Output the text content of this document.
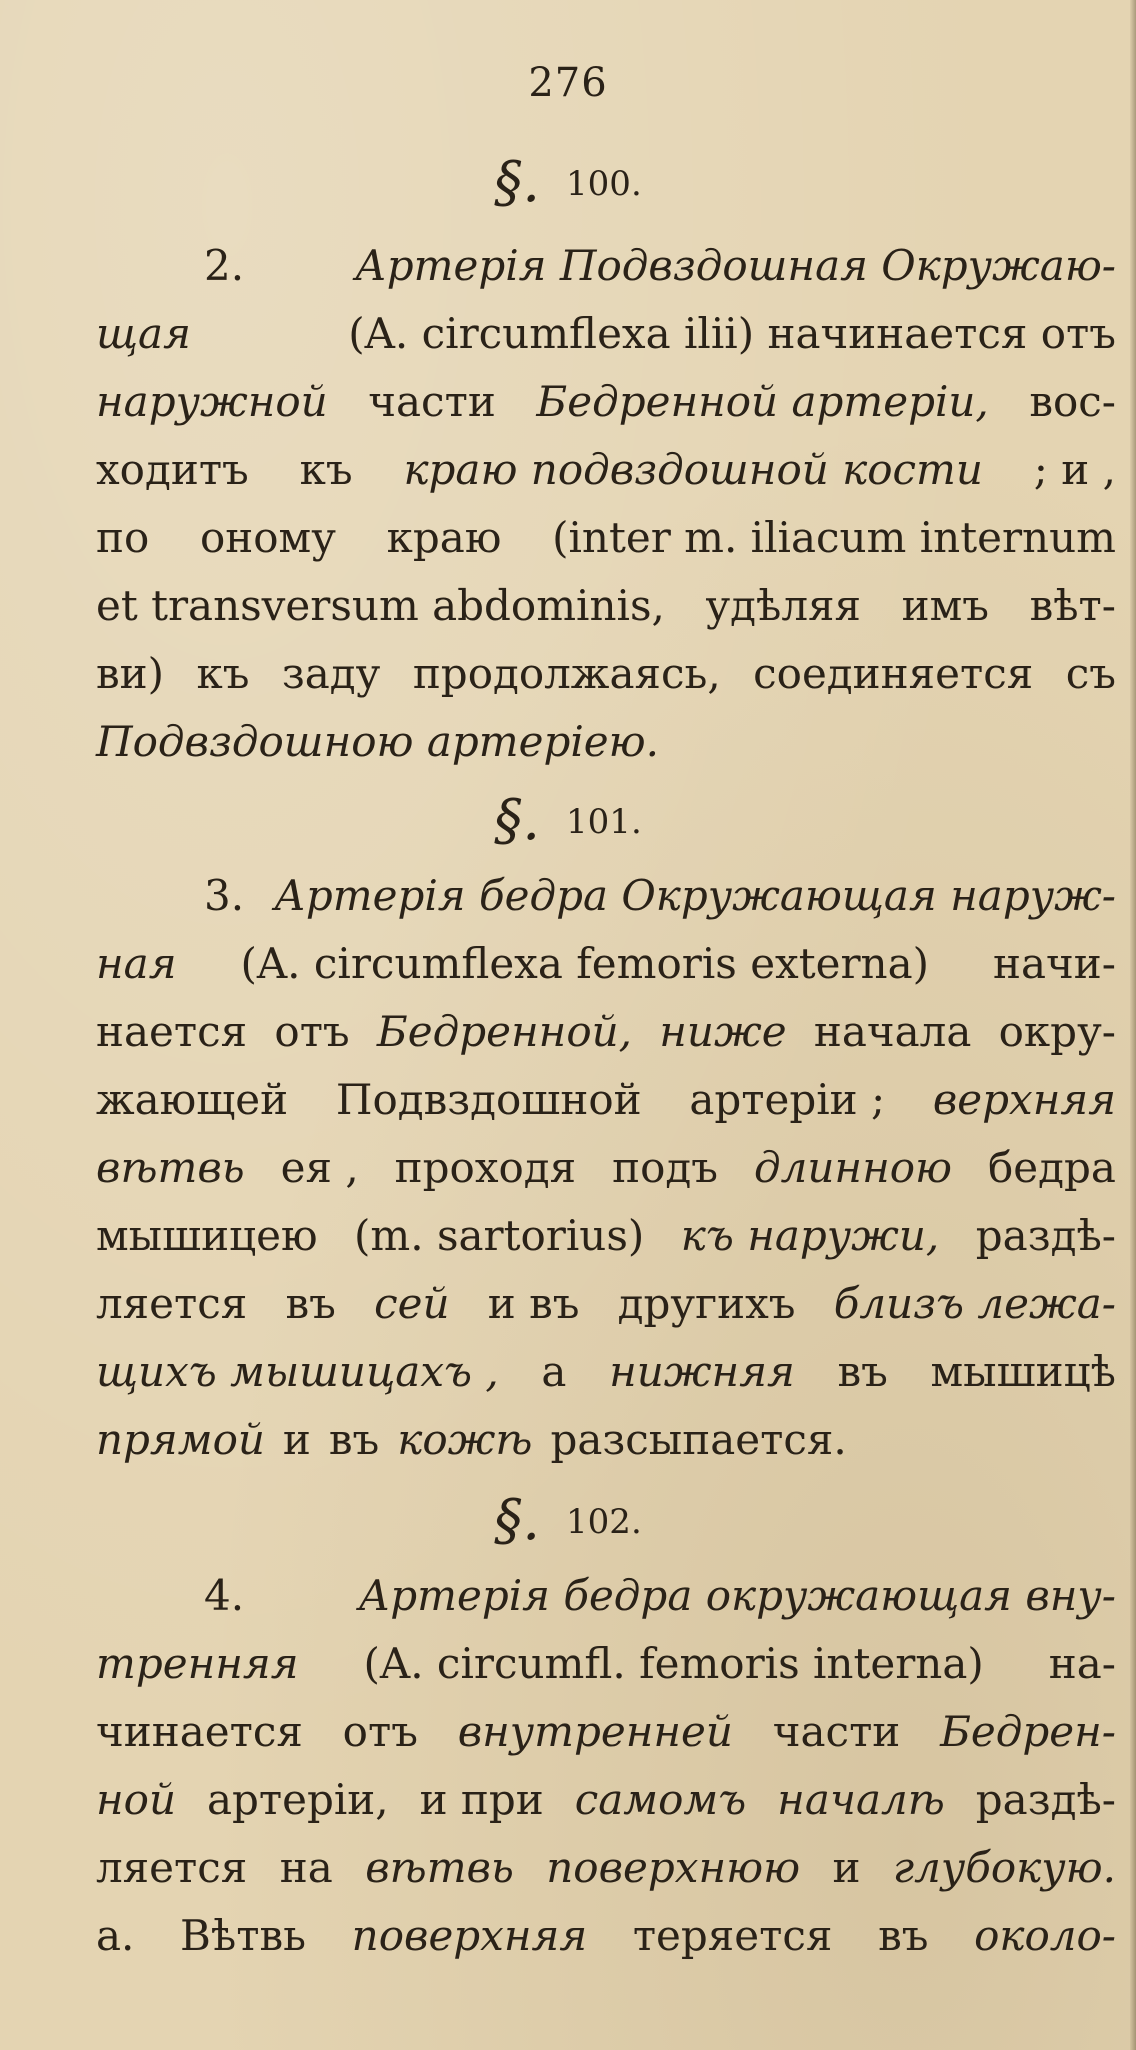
276
§. 100.
2.	Артерія Подвздошная Окружаю-
щая	(A. circumflexa ilii) начинается отъ
наружной части Бедренной артеріи, вос-
ходитъ къ краю подвздошной кости ; и ,
по оному краю (inter m. iliacum internum
et transversum abdominis, удѣляя имъ вѣт-
ви) къ заду продолжаясь, соединяется съ
Подвздошною артеріею.
§. 101.
3. Артерія бедра Окружающая наруж-
ная (A. circumflexa femoris externa) начи-
нается отъ Бедренной, ниже начала окру-
жающей Подвздошной артеріи ; верхняя
вѣтвь ея , проходя подъ длинною бедра
мышицею (m. sartorius) къ наружи, раздѣ-
ляется въ сей и въ другихъ близъ лежа-
щихъ мышицахъ , а нижняя въ мышицѣ
прямой и въ кожѣ разсыпается.
§. 102.
4.	Артерія бедра окружающая вну-
тренняя (A. circumfl. femoris interna) на-
чинается отъ внутренней части Бедрен-
ной артеріи, и при самомъ началѣ раздѣ-
ляется на вѣтвь поверхнюю и глубокую.
a. Вѣтвь поверхняя теряется въ около-
